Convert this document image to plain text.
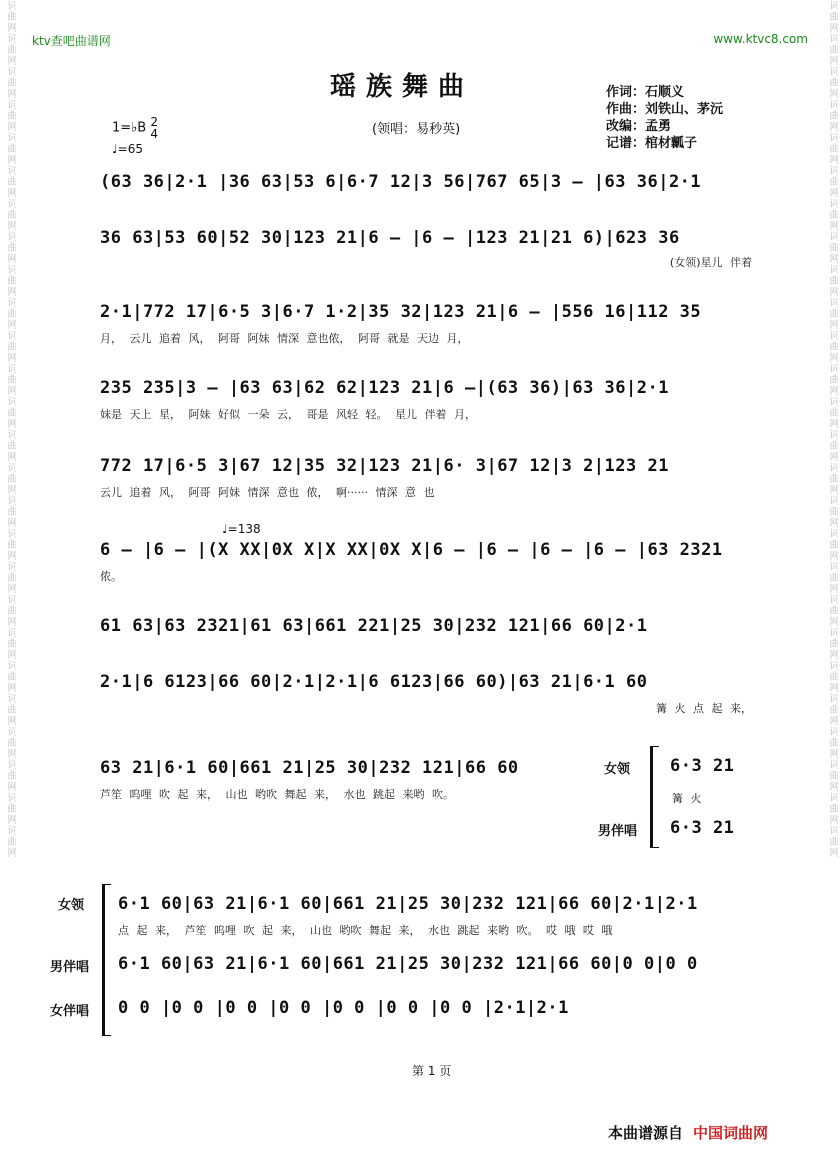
词曲网词曲网词曲网词曲网词曲网词曲网词曲网词曲网词曲网词曲网词曲网词曲网词曲网词曲网词曲网词曲网词曲网词曲网词曲网词曲网词曲网词曲网词曲网词曲网词曲网词曲网	词曲网词曲网词曲网词曲网词曲网词曲网词曲网词曲网词曲网词曲网词曲网词曲网词曲网词曲网词曲网词曲网词曲网词曲网词曲网词曲网词曲网词曲网词曲网词曲网词曲网词曲网
ktv查吧曲谱网	www.ktvc8.com
瑶族舞曲
(领唱：易秒英)
作词：石顺义
作曲：刘铁山、茅沅
改编：孟勇
记谱：棺材瓤子
1=♭B 2
4
♩=65
(63 36|2·1 |36 63|53 6|6·7 12|3 56|767 65|3 – |63 36|2·1
36 63|53 60|52 30|123 21|6 – |6 – |123 21|21 6)|623 36
(女领)星儿 伴着
2·1|772 17|6·5 3|6·7 1·2|35 32|123 21|6 – |556 16|112 35
月， 云儿 追着 风， 阿哥 阿妹 情深 意也侬， 阿哥 就是 天边 月，
235 235|3 – |63 63|62 62|123 21|6 –|(63 36)|63 36|2·1
妹是 天上 星， 阿妹 好似 一朵 云， 哥是 风轻 轻。 星儿 伴着 月，
772 17|6·5 3|67 12|35 32|123 21|6· 3|67 12|3 2|123 21
云儿 追着 风， 阿哥 阿妹 情深 意也 侬， 啊······ 情深 意 也
♩=138
6 – |6 – |(X XX|0X X|X XX|0X X|6 – |6 – |6 – |6 – |63 2321
侬。
61 63|63 2321|61 63|661 221|25 30|232 121|66 60|2·1
2·1|6 6123|66 60|2·1|2·1|6 6123|66 60)|63 21|6·1 60
篝 火 点 起 来，
63 21|6·1 60|661 21|25 30|232 121|66 60
芦笙 呜哩 吹 起 来， 山也 哟吹 舞起 来， 水也 跳起 来哟 吹。
女领
男伴唱
6·3 21
篝 火
6·3 21
女领
男伴唱
女伴唱
6·1 60|63 21|6·1 60|661 21|25 30|232 121|66 60|2·1|2·1
点 起 来， 芦笙 呜哩 吹 起 来， 山也 哟吹 舞起 来， 水也 跳起 来哟 吹。 哎 哦 哎 哦
6·1 60|63 21|6·1 60|661 21|25 30|232 121|66 60|0 0|0 0
0 0 |0 0 |0 0 |0 0 |0 0 |0 0 |0 0 |2·1|2·1
第 1 页
本曲谱源自 中国词曲网
